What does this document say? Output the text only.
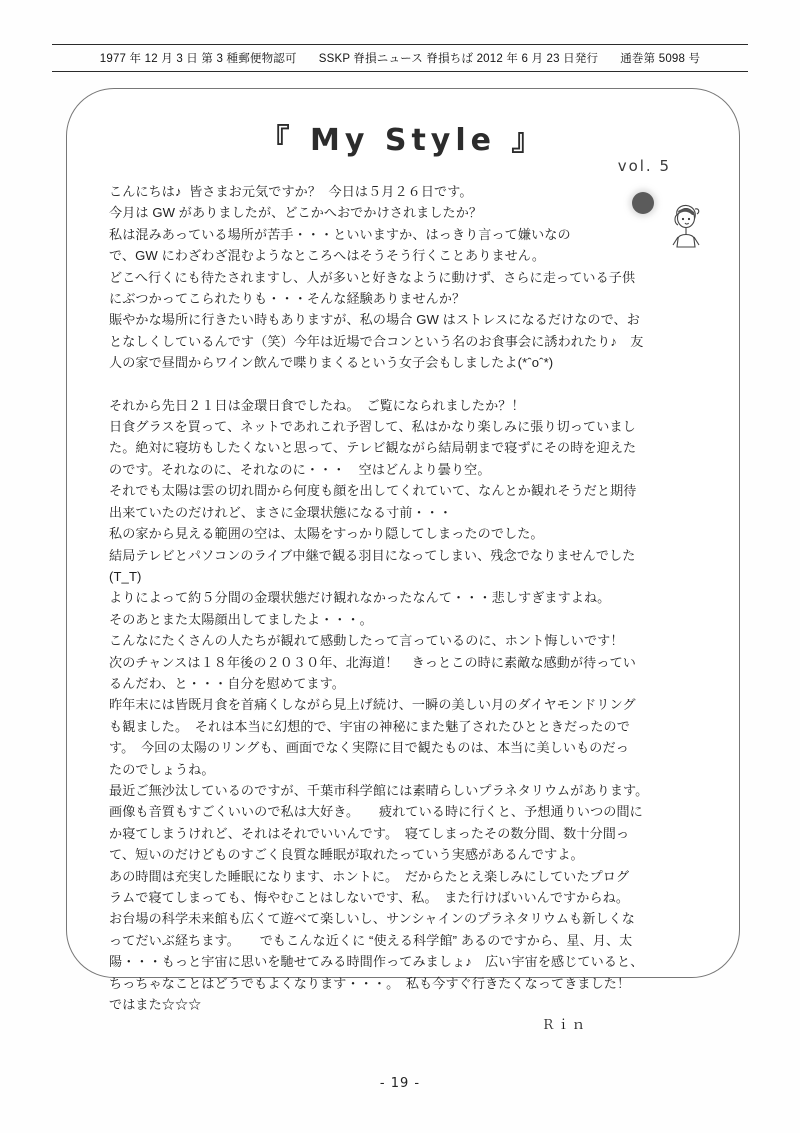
1977 年 12 月 3 日 第 3 種郵便物認可 SSKP 脊損ニュース 脊損ちば 2012 年 6 月 23 日発行 通巻第 5098 号
『 My Style 』
vol. 5

こんにちは♪  皆さまお元気ですか？  今日は５月２６日です。

今月は GW がありましたが、どこかへおでかけされましたか？

私は混みあっている場所が苦手・・・といいますか、はっきり言って嫌いなの

で、GW にわざわざ混むようなところへはそうそう行くことありません。

どこへ行くにも待たされますし、人が多いと好きなように動けず、さらに走っている子供

にぶつかってこられたりも・・・そんな経験ありませんか？

賑やかな場所に行きたい時もありますが、私の場合 GW はストレスになるだけなので、お

となしくしているんです（笑）今年は近場で合コンという名のお食事会に誘われたり♪　友

人の家で昼間からワイン飲んで喋りまくるという女子会もしましたよ(*ˆоˆ*)

それから先日２１日は金環日食でしたね。　ご覧になられましたか？！

日食グラスを買って、ネットであれこれ予習して、私はかなり楽しみに張り切っていまし

た。絶対に寝坊もしたくないと思って、テレビ観ながら結局朝まで寝ずにその時を迎えた

のです。それなのに、それなのに・・・　空はどんより曇り空。

それでも太陽は雲の切れ間から何度も顔を出してくれていて、なんとか観れそうだと期待

出来ていたのだけれど、まさに金環状態になる寸前・・・

私の家から見える範囲の空は、太陽をすっかり隠してしまったのでした。

結局テレビとパソコンのライブ中継で観る羽目になってしまい、残念でなりませんでした

(T_T)

よりによって約５分間の金環状態だけ観れなかったなんて・・・悲しすぎますよね。

そのあとまた太陽顔出してましたよ・・・。

こんなにたくさんの人たちが観れて感動したって言っているのに、ホント悔しいです！

次のチャンスは１８年後の２０３０年、北海道！　きっとこの時に素敵な感動が待ってい

るんだわ、と・・・自分を慰めてます。

昨年末には皆既月食を首痛くしながら見上げ続け、一瞬の美しい月のダイヤモンドリング

も観ました。　それは本当に幻想的で、宇宙の神秘にまた魅了されたひとときだったので

す。　今回の太陽のリングも、画面でなく実際に目で観たものは、本当に美しいものだっ

たのでしょうね。

最近ご無沙汰しているのですが、千葉市科学館には素晴らしいプラネタリウムがあります。

画像も音質もすごくいいので私は大好き。　　疲れている時に行くと、予想通りいつの間に

か寝てしまうけれど、それはそれでいいんです。　寝てしまったその数分間、数十分間っ

て、短いのだけどものすごく良質な睡眠が取れたっていう実感があるんですよ。

あの時間は充実した睡眠になります、ホントに。　だからたとえ楽しみにしていたプログ

ラムで寝てしまっても、悔やむことはしないです、私。　また行けばいいんですからね。

お台場の科学未来館も広くて遊べて楽しいし、サンシャインのプラネタリウムも新しくな

ってだいぶ経ちます。　　でもこんな近くに “使える科学館” あるのですから、星、月、太

陽・・・もっと宇宙に思いを馳せてみる時間作ってみましょ♪　広い宇宙を感じていると、

ちっちゃなことはどうでもよくなります・・・。　私も今すぐ行きたくなってきました！

ではまた☆☆☆

Ｒｉｎ

- 19 -
